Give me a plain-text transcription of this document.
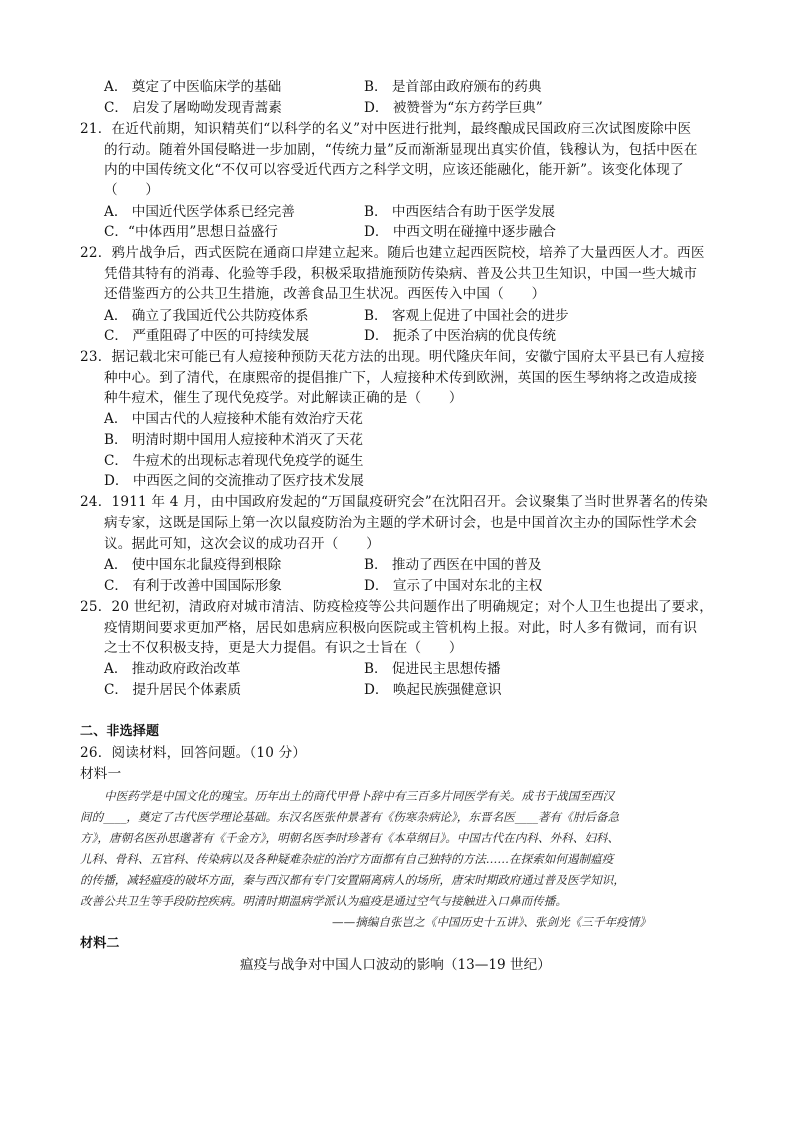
A． 奠定了中医临床学的基础	B． 是首部由政府颁布的药典
C． 启发了屠呦呦发现青蒿素	D． 被赞誉为“东方药学巨典”
21．在近代前期，知识精英们“以科学的名义”对中医进行批判，最终酿成民国政府三次试图废除中医
的行动。随着外国侵略进一步加剧，“传统力量”反而渐渐显现出真实价值，钱穆认为，包括中医在
内的中国传统文化“不仅可以容受近代西方之科学文明，应该还能融化，能开新”。该变化体现了
（　　）
A． 中国近代医学体系已经完善	B． 中西医结合有助于医学发展
C．“中体西用”思想日益盛行	D． 中西文明在碰撞中逐步融合
22．鸦片战争后，西式医院在通商口岸建立起来。随后也建立起西医院校，培养了大量西医人才。西医
凭借其特有的消毒、化验等手段，积极采取措施预防传染病、普及公共卫生知识，中国一些大城市
还借鉴西方的公共卫生措施，改善食品卫生状况。西医传入中国（　　）
A． 确立了我国近代公共防疫体系	B． 客观上促进了中国社会的进步
C． 严重阻碍了中医的可持续发展	D． 扼杀了中医治病的优良传统
23．据记载北宋可能已有人痘接种预防天花方法的出现。明代隆庆年间，安徽宁国府太平县已有人痘接
种中心。到了清代，在康熙帝的提倡推广下，人痘接种术传到欧洲，英国的医生琴纳将之改造成接
种牛痘术，催生了现代免疫学。对此解读正确的是（　　）
A． 中国古代的人痘接种术能有效治疗天花
B． 明清时期中国用人痘接种术消灭了天花
C． 牛痘术的出现标志着现代免疫学的诞生
D． 中西医之间的交流推动了医疗技术发展
24．1911 年 4 月，由中国政府发起的“万国鼠疫研究会”在沈阳召开。会议聚集了当时世界著名的传染
病专家，这既是国际上第一次以鼠疫防治为主题的学术研讨会，也是中国首次主办的国际性学术会
议。据此可知，这次会议的成功召开（　　）
A． 使中国东北鼠疫得到根除	B． 推动了西医在中国的普及
C． 有利于改善中国国际形象	D． 宣示了中国对东北的主权
25．20 世纪初，清政府对城市清洁、防疫检疫等公共问题作出了明确规定；对个人卫生也提出了要求，
疫情期间要求更加严格，居民如患病应积极向医院或主管机构上报。对此，时人多有微词，而有识
之士不仅积极支持，更是大力提倡。有识之士旨在（　　）
A． 推动政府政治改革	B． 促进民主思想传播
C． 提升居民个体素质	D． 唤起民族强健意识
二、非选择题
26．阅读材料，回答问题。（10 分）
材料一
中医药学是中国文化的瑰宝。历年出土的商代甲骨卜辞中有三百多片同医学有关。成书于战国至西汉
间的____，奠定了古代医学理论基础。东汉名医张仲景著有《伤寒杂病论》，东晋名医____著有《肘后备急
方》，唐朝名医孙思邈著有《千金方》，明朝名医李时珍著有《本草纲目》。中国古代在内科、外科、妇科、
儿科、骨科、五官科、传染病以及各种疑难杂症的治疗方面都有自己独特的方法……在探索如何遏制瘟疫
的传播，减轻瘟疫的破坏方面，秦与西汉都有专门安置隔离病人的场所，唐宋时期政府通过普及医学知识，
改善公共卫生等手段防控疾病。明清时期温病学派认为瘟疫是通过空气与接触进入口鼻而传播。
——摘编自张岂之《中国历史十五讲》、张剑光《三千年疫情》
材料二
瘟疫与战争对中国人口波动的影响（13—19 世纪）
